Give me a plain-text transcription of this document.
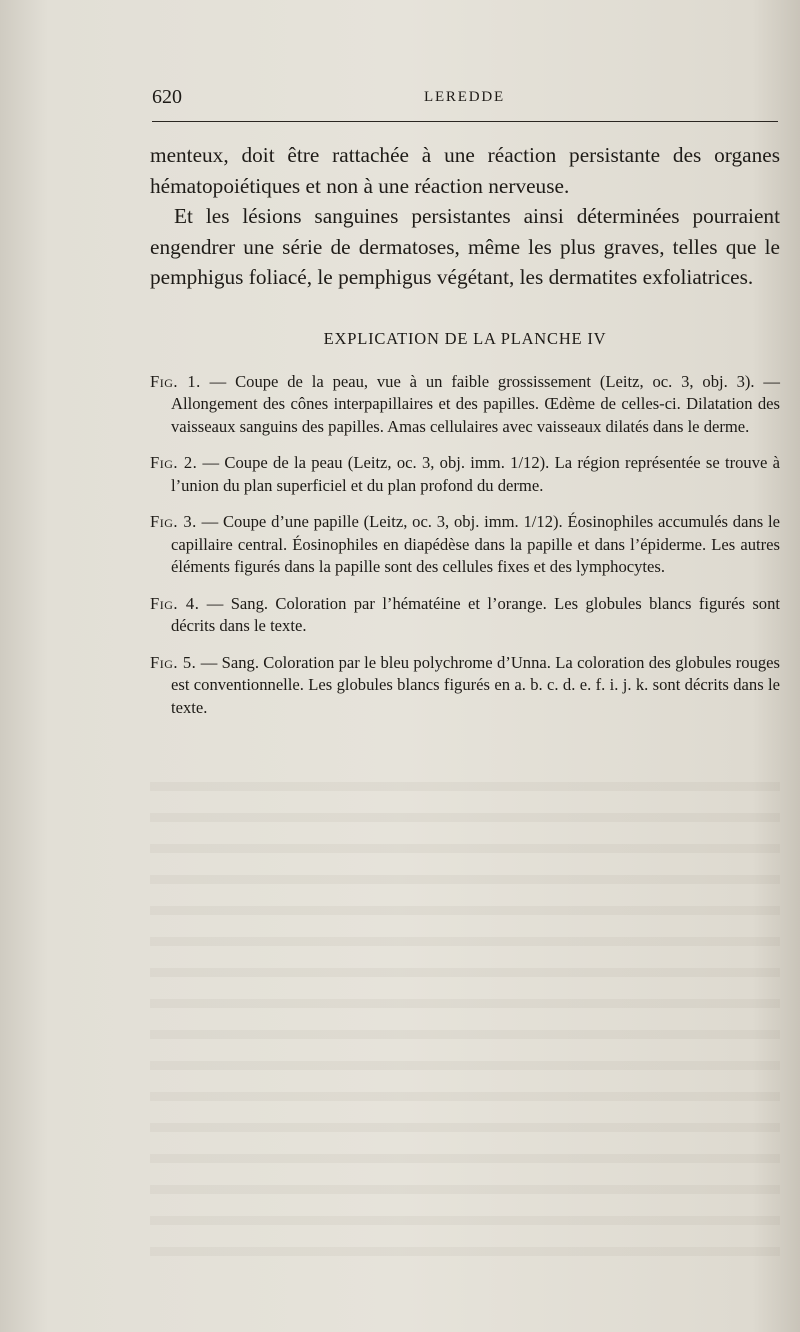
620	LEREDDE

menteux, doit être rattachée à une réaction persistante des organes hématopoiétiques et non à une réaction nerveuse.

Et les lésions sanguines persistantes ainsi déterminées pourraient engendrer une série de dermatoses, même les plus graves, telles que le pemphigus foliacé, le pemphigus végétant, les dermatites exfoliatrices.

EXPLICATION DE LA PLANCHE IV

Fig. 1. — Coupe de la peau, vue à un faible grossissement (Leitz, oc. 3, obj. 3). — Allongement des cônes interpapillaires et des papilles. Œdème de celles-ci. Dilatation des vaisseaux sanguins des papilles. Amas cellulaires avec vaisseaux dilatés dans le derme.

Fig. 2. — Coupe de la peau (Leitz, oc. 3, obj. imm. 1/12). La région représentée se trouve à l’union du plan superficiel et du plan profond du derme.

Fig. 3. — Coupe d’une papille (Leitz, oc. 3, obj. imm. 1/12). Éosinophiles accumulés dans le capillaire central. Éosinophiles en diapédèse dans la papille et dans l’épiderme. Les autres éléments figurés dans la papille sont des cellules fixes et des lymphocytes.

Fig. 4. — Sang. Coloration par l’hématéine et l’orange. Les globules blancs figurés sont décrits dans le texte.

Fig. 5. — Sang. Coloration par le bleu polychrome d’Unna. La coloration des globules rouges est conventionnelle. Les globules blancs figurés en a. b. c. d. e. f. i. j. k. sont décrits dans le texte.
